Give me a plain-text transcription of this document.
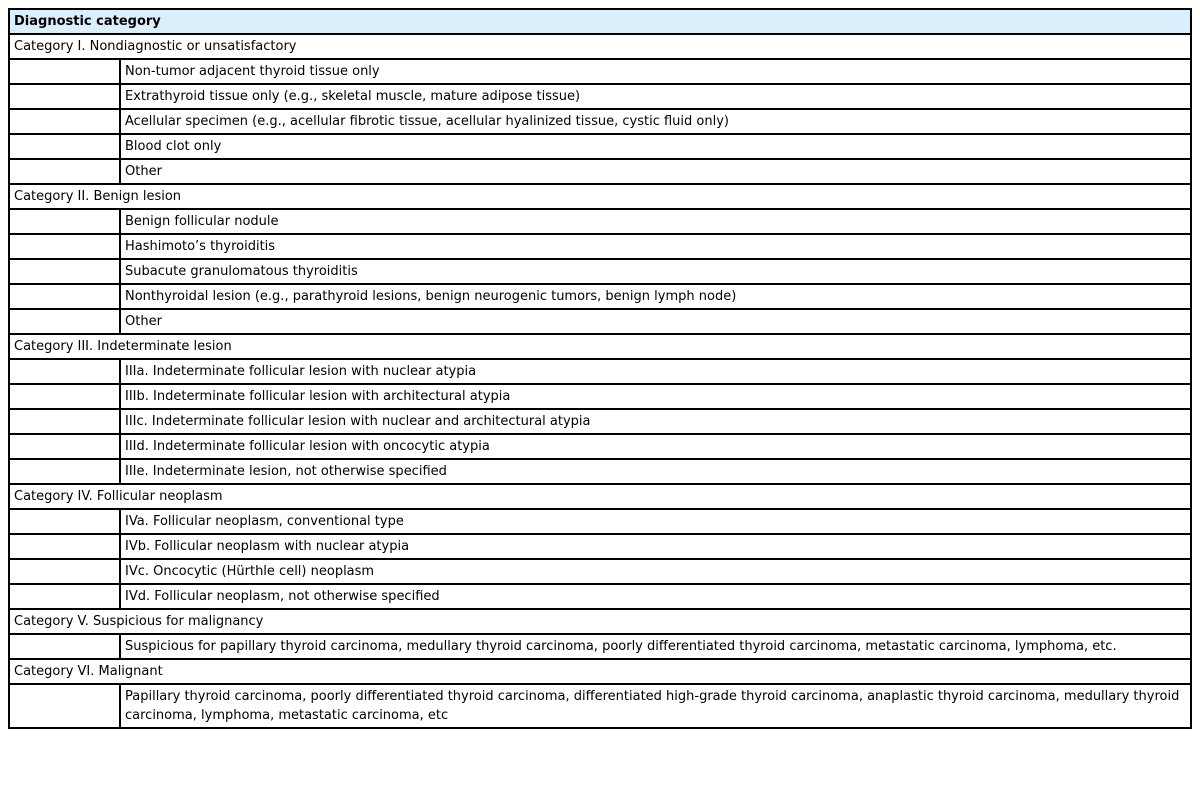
Diagnostic category	
Category I. Nondiagnostic or unsatisfactory	
	Non-tumor adjacent thyroid tissue only
	Extrathyroid tissue only (e.g., skeletal muscle, mature adipose tissue)
	Acellular specimen (e.g., acellular fibrotic tissue, acellular hyalinized tissue, cystic fluid only)
	Blood clot only
	Other
Category II. Benign lesion	
	Benign follicular nodule
	Hashimoto’s thyroiditis
	Subacute granulomatous thyroiditis
	Nonthyroidal lesion (e.g., parathyroid lesions, benign neurogenic tumors, benign lymph node)
	Other
Category III. Indeterminate lesion	
	IIIa. Indeterminate follicular lesion with nuclear atypia
	IIIb. Indeterminate follicular lesion with architectural atypia
	IIIc. Indeterminate follicular lesion with nuclear and architectural atypia
	IIId. Indeterminate follicular lesion with oncocytic atypia
	IIIe. Indeterminate lesion, not otherwise specified
Category IV. Follicular neoplasm	
	IVa. Follicular neoplasm, conventional type
	IVb. Follicular neoplasm with nuclear atypia
	IVc. Oncocytic (Hürthle cell) neoplasm
	IVd. Follicular neoplasm, not otherwise specified
Category V. Suspicious for malignancy	
	Suspicious for papillary thyroid carcinoma, medullary thyroid carcinoma, poorly differentiated thyroid carcinoma, metastatic carcinoma, lymphoma, etc.
Category VI. Malignant	
	Papillary thyroid carcinoma, poorly differentiated thyroid carcinoma, differentiated high-grade thyroid carcinoma, anaplastic thyroid carcinoma, medullary thyroid carcinoma, lymphoma, metastatic carcinoma, etc
